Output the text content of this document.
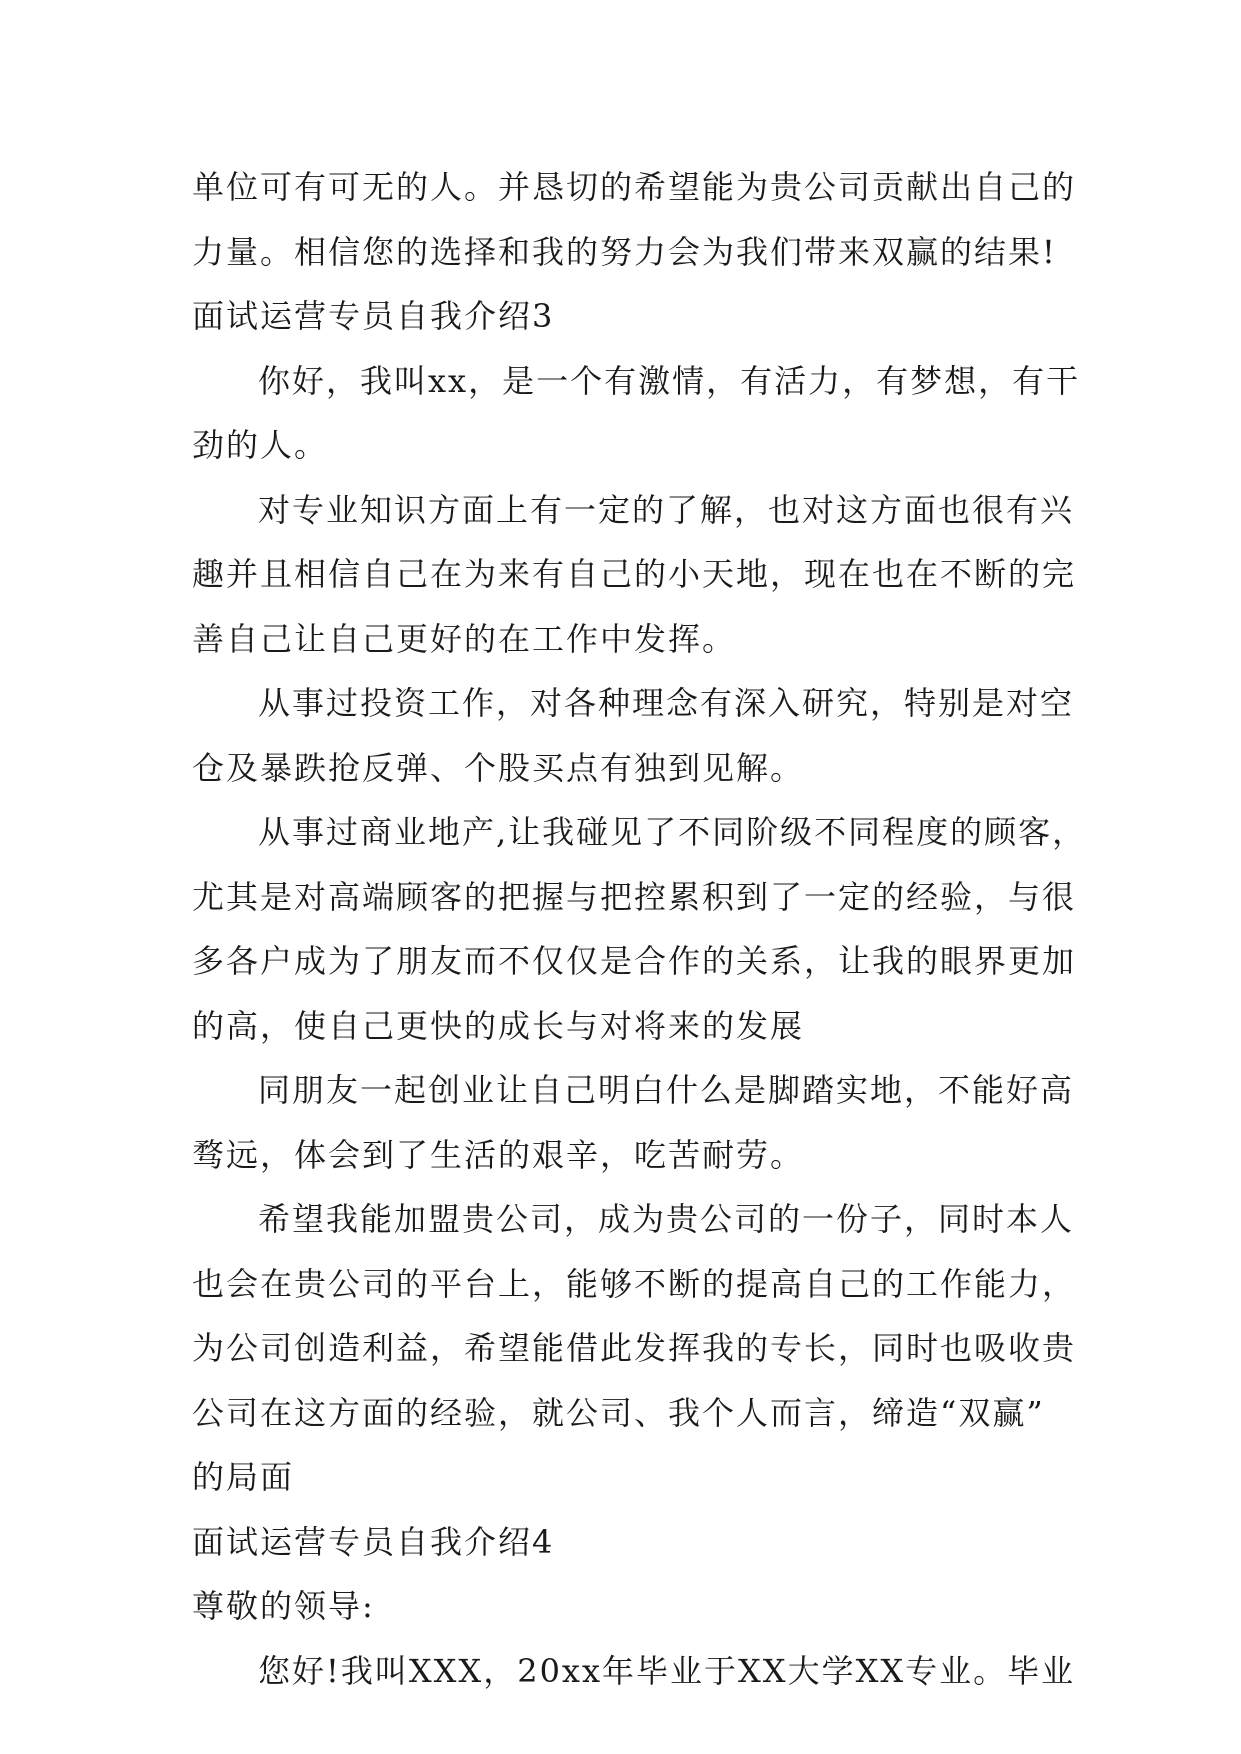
单位可有可无的人。并恳切的希望能为贵公司贡献出自己的
力量。相信您的选择和我的努力会为我们带来双赢的结果!
面试运营专员自我介绍3
你好，我叫xx，是一个有激情，有活力，有梦想，有干
劲的人。
对专业知识方面上有一定的了解，也对这方面也很有兴
趣并且相信自己在为来有自己的小天地，现在也在不断的完
善自己让自己更好的在工作中发挥。
从事过投资工作，对各种理念有深入研究，特别是对空
仓及暴跌抢反弹、个股买点有独到见解。
从事过商业地产,让我碰见了不同阶级不同程度的顾客，
尤其是对高端顾客的把握与把控累积到了一定的经验，与很
多各户成为了朋友而不仅仅是合作的关系，让我的眼界更加
的高，使自己更快的成长与对将来的发展
同朋友一起创业让自己明白什么是脚踏实地，不能好高
骛远，体会到了生活的艰辛，吃苦耐劳。
希望我能加盟贵公司，成为贵公司的一份子，同时本人
也会在贵公司的平台上，能够不断的提高自己的工作能力，
为公司创造利益，希望能借此发挥我的专长，同时也吸收贵
公司在这方面的经验，就公司、我个人而言，缔造“双赢”
的局面
面试运营专员自我介绍4
尊敬的领导:
您好!我叫XXX，20xx年毕业于XX大学XX专业。毕业
